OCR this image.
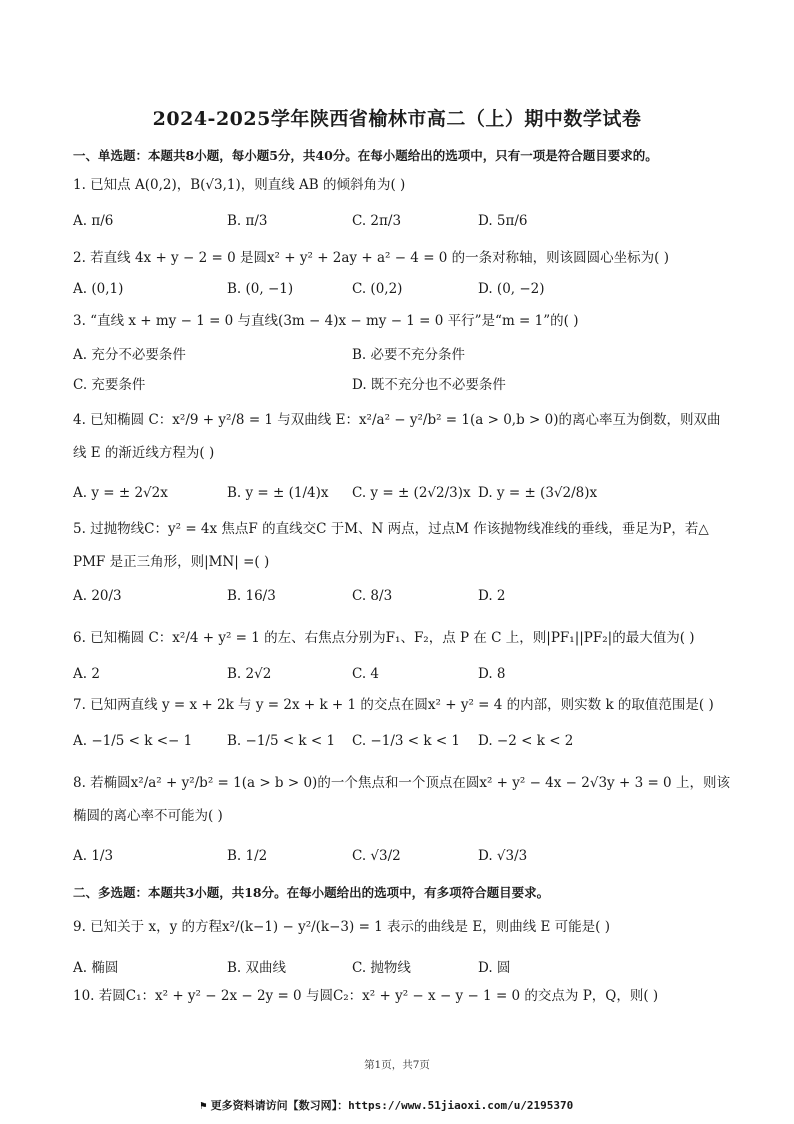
2024-2025学年陕西省榆林市高二（上）期中数学试卷
一、单选题：本题共8小题，每小题5分，共40分。在每小题给出的选项中，只有一项是符合题目要求的。
1. 已知点 A(0,2)，B(√3,1)，则直线 AB 的倾斜角为( )
A. π/6	B. π/3	C. 2π/3	D. 5π/6
2. 若直线 4x + y − 2 = 0 是圆x² + y² + 2ay + a² − 4 = 0 的一条对称轴，则该圆圆心坐标为( )
A. (0,1)	B. (0, −1)	C. (0,2)	D. (0, −2)
3. “直线 x + my − 1 = 0 与直线(3m − 4)x − my − 1 = 0 平行”是“m = 1”的( )
A. 充分不必要条件	B. 必要不充分条件
C. 充要条件	D. 既不充分也不必要条件
4. 已知椭圆 C：x²/9 + y²/8 = 1 与双曲线 E：x²/a² − y²/b² = 1(a > 0,b > 0)的离心率互为倒数，则双曲线 E 的渐近线方程为( )
A. y = ± 2√2x	B. y = ± (1/4)x C. y = ± (2√2/3)x D. y = ± (3√2/8)x
5. 过抛物线C：y² = 4x 焦点F 的直线交C 于M、N 两点，过点M 作该抛物线准线的垂线，垂足为P，若△ PMF 是正三角形，则|MN| =( )
A. 20/3	B. 16/3	C. 8/3	D. 2
6. 已知椭圆 C：x²/4 + y² = 1 的左、右焦点分别为F₁、F₂，点 P 在 C 上，则|PF₁||PF₂|的最大值为( )
A. 2	B. 2√2	C. 4	D. 8
7. 已知两直线 y = x + 2k 与 y = 2x + k + 1 的交点在圆x² + y² = 4 的内部，则实数 k 的取值范围是( )
A. −1/5 < k <− 1	B. −1/5 < k < 1 C. −1/3 < k < 1 D. −2 < k < 2
8. 若椭圆x²/a² + y²/b² = 1(a > b > 0)的一个焦点和一个顶点在圆x² + y² − 4x − 2√3y + 3 = 0 上，则该椭圆的离心率不可能为( )
A. 1/3	B. 1/2	C. √3/2	D. √3/3
二、多选题：本题共3小题，共18分。在每小题给出的选项中，有多项符合题目要求。
9. 已知关于 x，y 的方程x²/(k−1) − y²/(k−3) = 1 表示的曲线是 E，则曲线 E 可能是( )
A. 椭圆	B. 双曲线	C. 抛物线	D. 圆
10. 若圆C₁：x² + y² − 2x − 2y = 0 与圆C₂：x² + y² − x − y − 1 = 0 的交点为 P，Q，则( )
第1页，共7页
⚑ 更多资料请访问【数习网】：https://www.51jiaoxi.com/u/2195370
